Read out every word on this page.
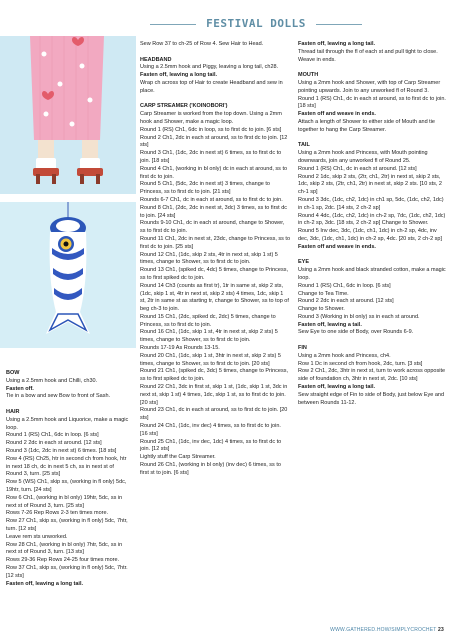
FESTIVAL DOLLS

BOW

Using a 2.5mm hook and Chilli, ch30.

Fasten off.

Tie in a bow and sew Bow to front of Sash.

HAIR

Using a 2.5mm hook and Liquorice, make a magic loop.

Round 1 (RS) Ch1, 6dc in loop. [6 sts]

Round 2 2dc in each st around. [12 sts]

Round 3 (1dc, 2dc in next st) 6 times. [18 sts]

Row 4 (RS) Ch25, htr in second ch from hook, htr in next 18 ch, dc in next 5 ch, ss in next st of Round 3, turn. [25 sts]

Row 5 (WS) Ch1, skip ss, (working in fl only) 5dc, 19htr, turn. [24 sts]

Row 6 Ch1, (working in bl only) 19htr, 5dc, ss in next st of Round 3, turn. [25 sts]

Rows 7-26 Rep Rows 2-3 ten times more.

Row 27 Ch1, skip ss, (working in fl only) 5dc, 7htr, turn. [12 sts]

Leave rem sts unworked.

Row 28 Ch1, (working in bl only) 7htr, 5dc, ss in next st of Round 3, turn. [13 sts]

Rows 29-36 Rep Rows 24-25 four times more.

Row 37 Ch1, skip ss, (working in fl only) 5dc, 7htr. [12 sts]

Fasten off, leaving a long tail.

Sew Row 37 to ch-25 of Row 4. Sew Hair to Head.

HEADBAND

Using a 2.5mm hook and Piggy, leaving a long tail, ch28.

Fasten off, leaving a long tail.

Wrap ch across top of Hair to create Headband and sew in place.

CARP STREAMER ('KOINOBORI')

Carp Streamer is worked from the top down. Using a 2mm hook and Shower, make a magic loop.

Round 1 (RS) Ch1, 6dc in loop, ss to first dc to join. [6 sts]

Round 2 Ch1, 2dc in each st around, ss to first dc to join. [12 sts]

Round 3 Ch1, (1dc, 2dc in next st) 6 times, ss to first dc to join. [18 sts]

Round 4 Ch1, (working in bl only) dc in each st around, ss to first dc to join.

Round 5 Ch1, (5dc, 2dc in next st) 3 times, change to Princess, ss to first dc to join. [21 sts]

Rounds 6-7 Ch1, dc in each st around, ss to first dc to join.

Round 8 Ch1, (2dc, 2dc in next st, 3dc) 3 times, ss to first dc to join. [24 sts]

Rounds 9-10 Ch1, dc in each st around, change to Shower, ss to first dc to join.

Round 11 Ch1, 2dc in next st, 23dc, change to Princess, ss to first dc to join. [25 sts]

Round 12 Ch1, (1dc, skip 2 sts, 4tr in next st, skip 1 st) 5 times, change to Shower, ss to first dc to join.

Round 13 Ch1, (spiked dc, 4dc) 5 times, change to Princess, ss to first spiked dc to join.

Round 14 Ch3 (counts as first tr), 1tr in same st, skip 2 sts, (1dc, skip 1 st, 4tr in next st, skip 2 sts) 4 times, 1dc, skip 1 st, 2tr in same st as starting tr, change to Shower, ss to top of beg ch-3 to join.

Round 15 Ch1, (2dc, spiked dc, 2dc) 5 times, change to Princess, ss to first dc to join.

Round 16 Ch1, (1dc, skip 1 st, 4tr in next st, skip 2 sts) 5 times, change to Shower, ss to first dc to join.

Rounds 17-19 As Rounds 13-15.

Round 20 Ch1, (1dc, skip 1 st, 3htr in next st, skip 2 sts) 5 times, change to Shower, ss to first dc to join. [20 sts]

Round 21 Ch1, (spiked dc, 3dc) 5 times, change to Princess, ss to first spiked dc to join.

Round 22 Ch1, 3dc in first st, skip 1 st, (1dc, skip 1 st, 3dc in next st, skip 1 st) 4 times, 1dc, skip 1 st, ss to first dc to join. [20 sts]

Round 23 Ch1, dc in each st around, ss to first dc to join. [20 sts]

Round 24 Ch1, (1dc, inv dec) 4 times, ss to first dc to join. [16 sts]

Round 25 Ch1, (1dc, inv dec, 1dc) 4 times, ss to first dc to join. [12 sts]

Lightly stuff the Carp Streamer.

Round 26 Ch1, (working in bl only) (inv dec) 6 times, ss to first st to join. [6 sts]

Fasten off, leaving a long tail.

Thread tail through the fl of each st and pull tight to close. Weave in ends.

MOUTH

Using a 2mm hook and Shower, with top of Carp Streamer pointing upwards. Join to any unworked fl of Round 3.

Round 1 (RS) Ch1, dc in each st around, ss to first dc to join. [18 sts]

Fasten off and weave in ends.

Attach a length of Shower to either side of Mouth and tie together to hang the Carp Streamer.

TAIL

Using a 2mm hook and Princess, with Mouth pointing downwards, join any unworked fl of Round 25.

Round 1 (RS) Ch1, dc in each st around. [12 sts]

Round 2 1dc, skip 2 sts, (2tr, ch1, 2tr) in next st, skip 2 sts, 1dc, skip 2 sts, (2tr, ch1, 2tr) in next st, skip 2 sts. [10 sts, 2 ch-1 sp]

Round 3 3dc, (1dc, ch2, 1dc) in ch1 sp, 5dc, (1dc, ch2, 1dc) in ch-1 sp, 2dc. [14 sts, 2 ch-2 sp]

Round 4 4dc, (1dc, ch2, 1dc) in ch-2 sp, 7dc, (1dc, ch2, 1dc) in ch-2 sp, 3dc. [18 sts, 2 ch-2 sp] Change to Shower.

Round 5 Inv dec, 3dc, (1dc, ch1, 1dc) in ch-2 sp, 4dc, inv dec, 3dc, (1dc, ch1, 1dc) in ch-2 sp, 4dc. [20 sts, 2 ch-2 sp]

Fasten off and weave in ends.

EYE

Using a 2mm hook and black stranded cotton, make a magic loop.

Round 1 (RS) Ch1, 6dc in loop. [6 sts]

Change to Tea Time.

Round 2 2dc in each st around. [12 sts]

Change to Shower.

Round 3 (Working in bl only) ss in each st around.

Fasten off, leaving a tail.

Sew Eye to one side of Body, over Rounds 6-9.

FIN

Using a 2mm hook and Princess, ch4.

Row 1 Dc in second ch from hook, 2dc, turn. [3 sts]

Row 2 Ch1, 2dc, 3htr in next st, turn to work across opposite side of foundation ch, 3htr in next st, 2dc. [10 sts]

Fasten off, leaving a long tail.

Sew straight edge of Fin to side of Body, just below Eye and between Rounds 11-12.

WWW.GATHERED.HOW/SIMPLYCROCHET 23
